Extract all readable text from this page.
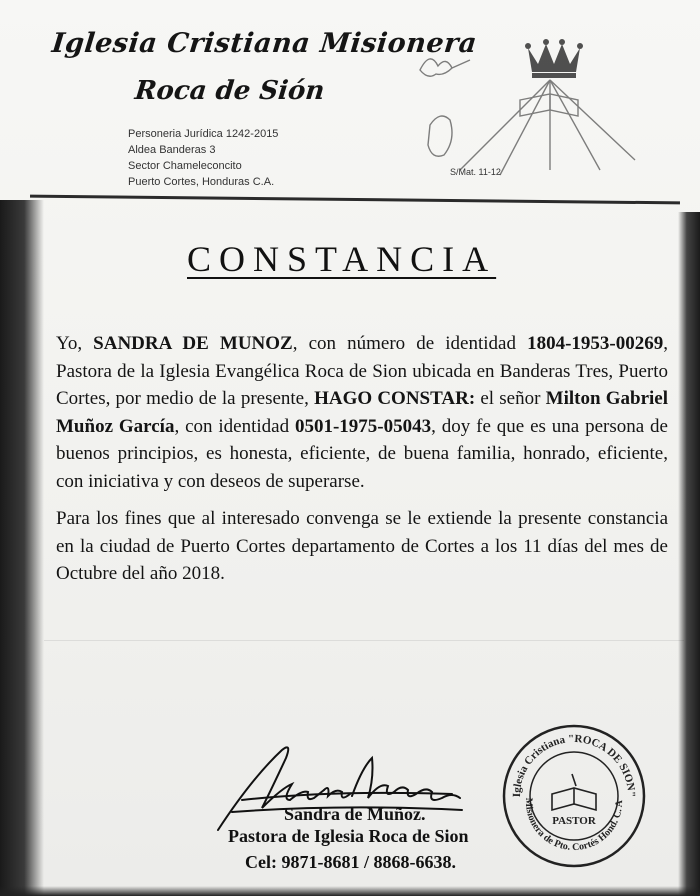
Iglesia Cristiana Misionera
Roca de Sión
Personeria Jurídica 1242-2015
Aldea Banderas 3
Sector Chameleconcito
Puerto Cortes, Honduras C.A.
S/Mat. 11-12
CONSTANCIA

Yo, SANDRA DE MUNOZ, con número de identidad 1804-1953-00269, Pastora de la Iglesia Evangélica Roca de Sion ubicada en Banderas Tres, Puerto Cortes, por medio de la presente, HAGO CONSTAR: el señor Milton Gabriel Muñoz García, con identidad 0501-1975-05043, doy fe que es una persona de buenos principios, es honesta, eficiente, de buena familia, honrado, eficiente, con iniciativa y con deseos de superarse.

Para los fines que al interesado convenga se le extiende la presente constancia en la ciudad de Puerto Cortes departamento de Cortes a los 11 días del mes de Octubre del año 2018.

Sandra de Muñoz.
Pastora de Iglesia Roca de Sion
Cel: 9871-8681 / 8868-6638.
Iglesia Cristiana "ROCA DE SION"
Misionera de Pto. Cortés Hond. C. A
PASTOR
